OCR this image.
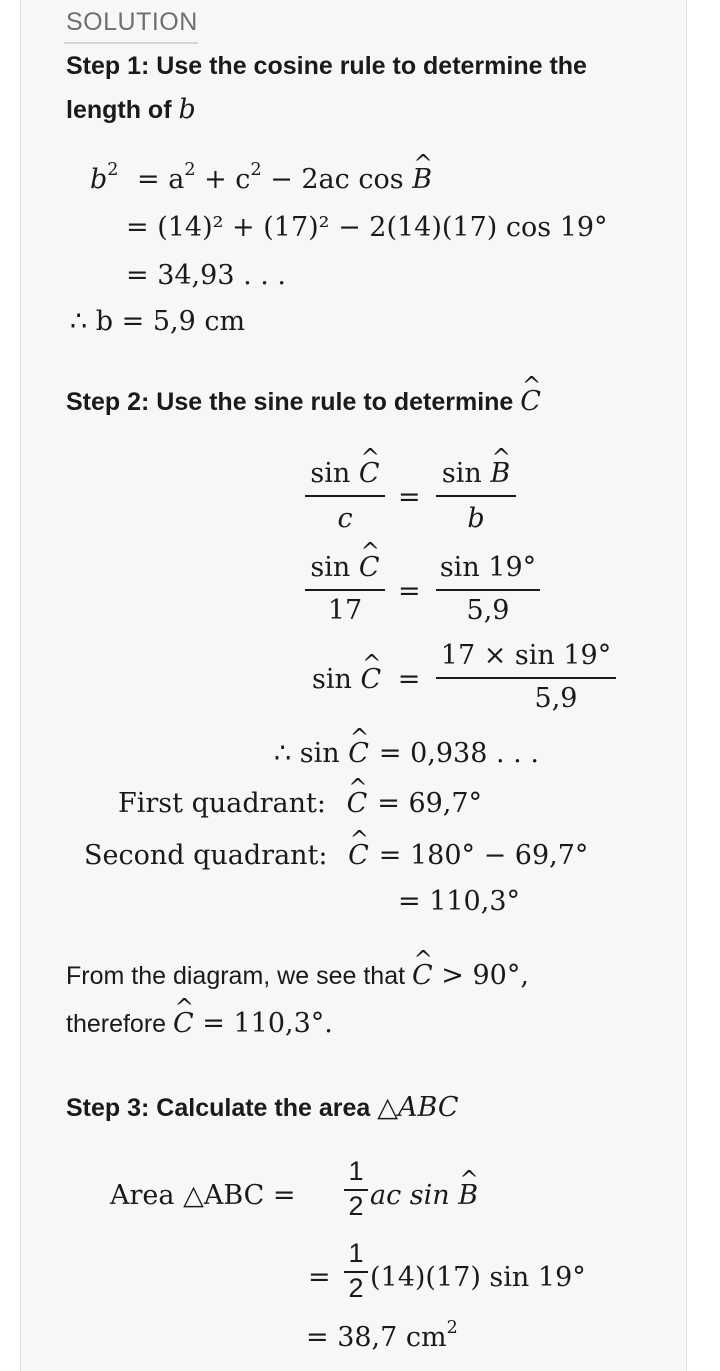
SOLUTION
Step 1: Use the cosine rule to determine the
length of b
$b^2 = a^2 + c^2 - 2ac$ cos ^ B
= (14)² + (17)² − 2(14)(17) cos 19°
= 34,93 . . .
∴ b = 5,9 cm
Step 2: Use the sine rule to determine ^ C
sin ^ C
c
=
sin ^ B
b
sin ^ C
17
=
sin 19°
5,9
sin ^ C =
17 × sin 19°
5,9
∴ sin ^ C = 0,938 . . .
First quadrant: ^ C = 69,7°
Second quadrant: ^ C = 180° − 69,7°
= 110,3°
From the diagram, we see that ^ C > 90°,
therefore ^ C = 110,3°.
Step 3: Calculate the area △ABC
Area △ABC =
1
2 ac sin ^ B
=
1
2 (14)(17) sin 19°
= 38,7 $cm^2$
